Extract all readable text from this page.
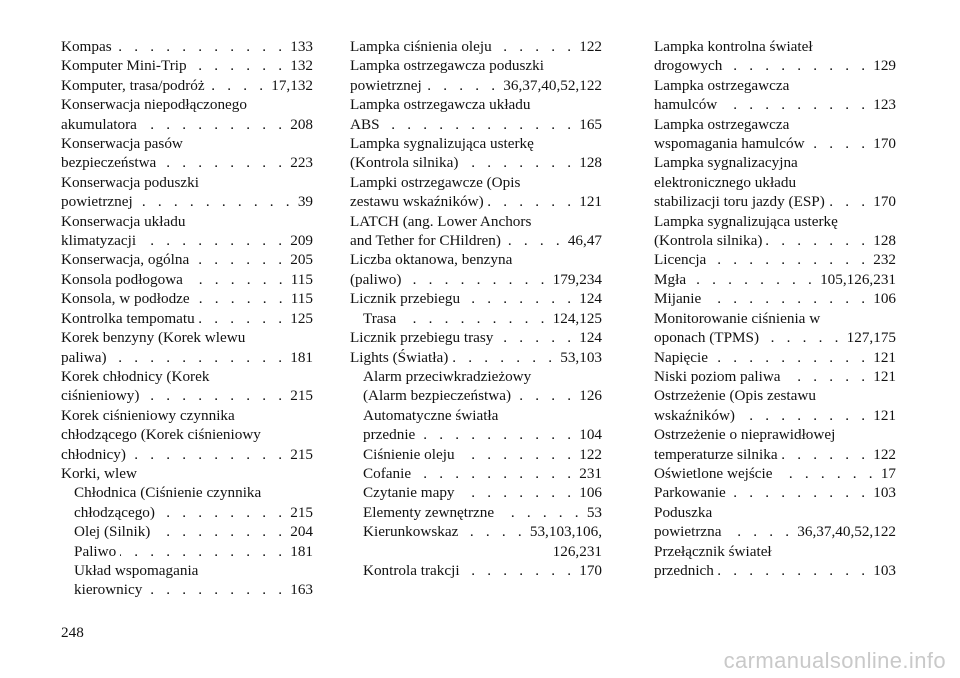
Kompas . . .	133
Komputer Mini-Trip . . .	132
Komputer, trasa/podróż . . .	17,132
Konserwacja niepodłączonego
akumulatora . . .	208
Konserwacja pasów
bezpieczeństwa . . .	223
Konserwacja poduszki
powietrznej . . .	39
Konserwacja układu
klimatyzacji . . .	209
Konserwacja, ogólna . . .	205
Konsola podłogowa . . .	115
Konsola, w podłodze . . .	115
Kontrolka tempomatu . . .	125
Korek benzyny (Korek wlewu
paliwa) . . .	181
Korek chłodnicy (Korek
ciśnieniowy) . . .	215
Korek ciśnieniowy czynnika
chłodzącego (Korek ciśnieniowy
chłodnicy) . . .	215
Korki, wlew
Chłodnica (Ciśnienie czynnika
chłodzącego) . . .	215
Olej (Silnik) . . .	204
Paliwo . . .	181
Układ wspomagania
kierownicy . . .	163
Lampka ciśnienia oleju . . .	122
Lampka ostrzegawcza poduszki
powietrznej . . .	36,37,40,52,122
Lampka ostrzegawcza układu
ABS . . .	165
Lampka sygnalizująca usterkę
(Kontrola silnika) . . .	128
Lampki ostrzegawcze (Opis
zestawu wskaźników) . . .	121
LATCH (ang. Lower Anchors
and Tether for CHildren) . . .	46,47
Liczba oktanowa, benzyna
(paliwo) . . .	179,234
Licznik przebiegu . . .	124
Trasa . . .	124,125
Licznik przebiegu trasy . . .	124
Lights (Światła) . . .	53,103
Alarm przeciwkradzieżowy
(Alarm bezpieczeństwa) . . .	126
Automatyczne światła
przednie . . .	104
Ciśnienie oleju . . .	122
Cofanie . . .	231
Czytanie mapy . . .	106
Elementy zewnętrzne . . .	53
Kierunkowskaz . . .	53,103,106,
126,231
Kontrola trakcji . . .	170
Lampka kontrolna świateł
drogowych . . .	129
Lampka ostrzegawcza
hamulców . . .	123
Lampka ostrzegawcza
wspomagania hamulców . . .	170
Lampka sygnalizacyjna
elektronicznego układu
stabilizacji toru jazdy (ESP) . . .	170
Lampka sygnalizująca usterkę
(Kontrola silnika) . . .	128
Licencja . . .	232
Mgła . . .	105,126,231
Mijanie . . .	106
Monitorowanie ciśnienia w
oponach (TPMS) . . .	127,175
Napięcie . . .	121
Niski poziom paliwa . . .	121
Ostrzeżenie (Opis zestawu
wskaźników) . . .	121
Ostrzeżenie o nieprawidłowej
temperaturze silnika . . .	122
Oświetlone wejście . . .	17
Parkowanie . . .	103
Poduszka
powietrzna . . .	36,37,40,52,122
Przełącznik świateł
przednich . . .	103
248
carmanualsonline.info
